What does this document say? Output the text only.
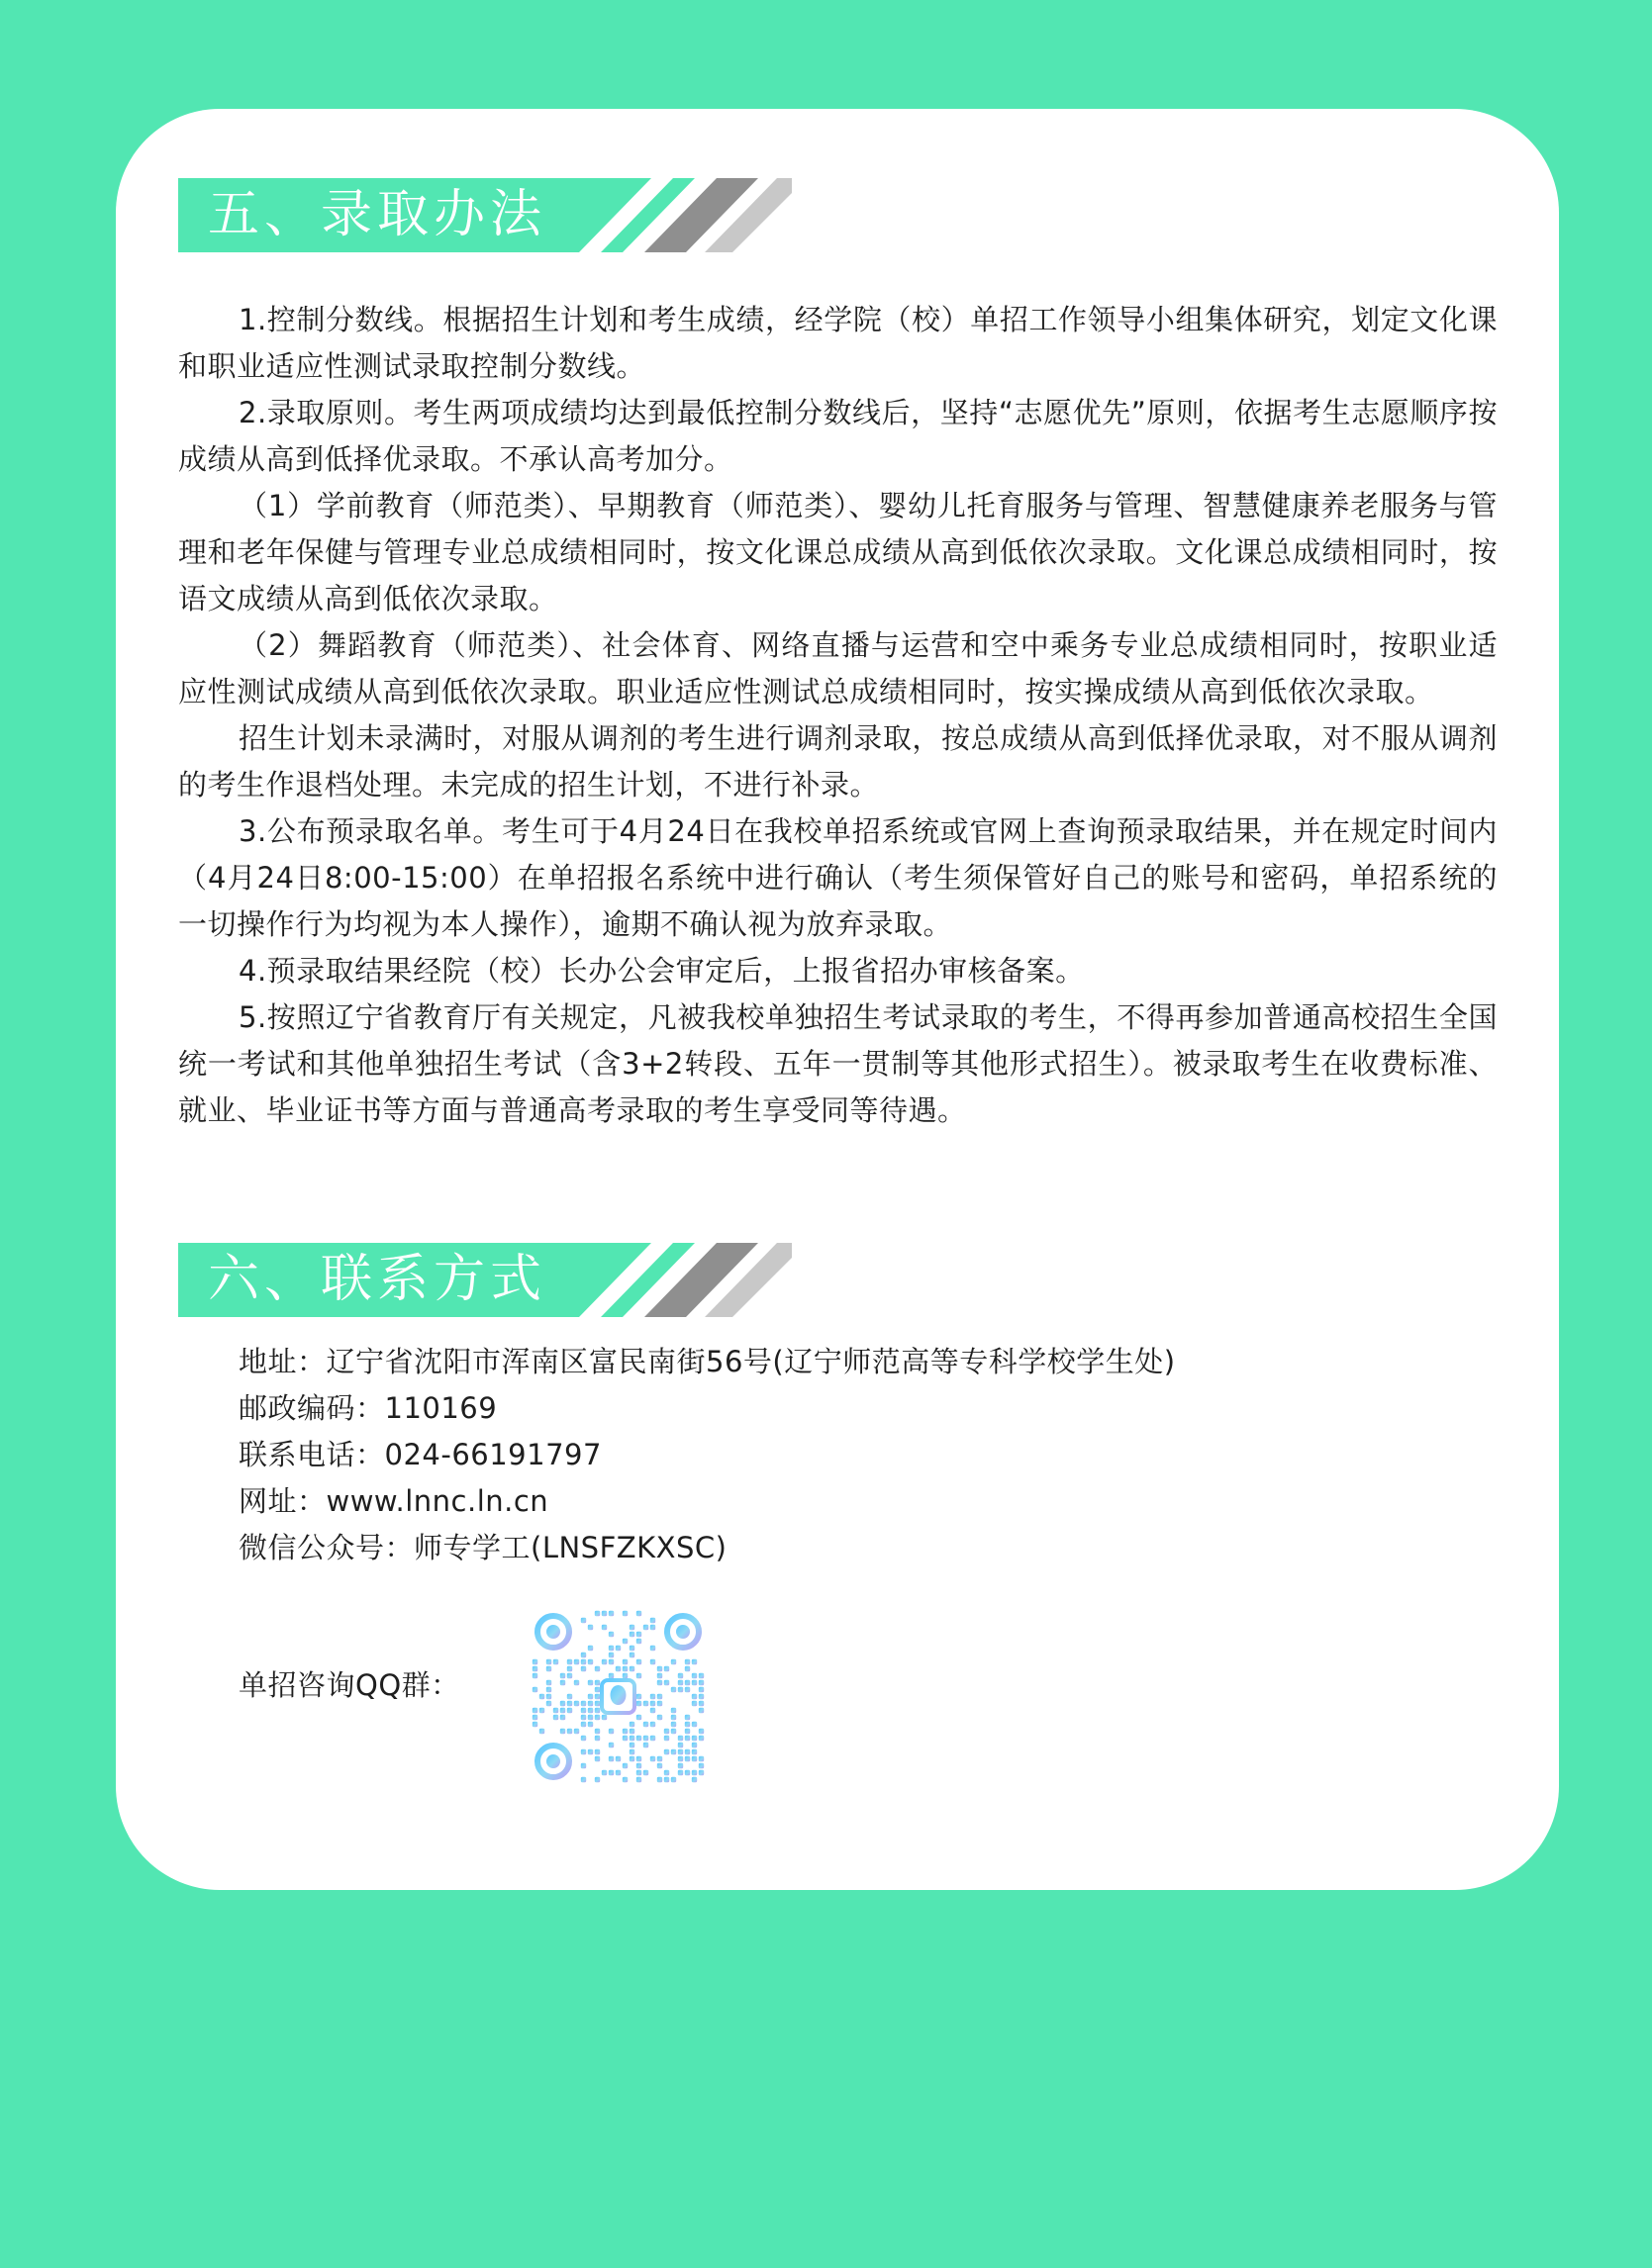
五、录取办法

1.控制分数线。根据招生计划和考生成绩，经学院（校）单招工作领导小组集体研究，划定文化课和职业适应性测试录取控制分数线。

2.录取原则。考生两项成绩均达到最低控制分数线后，坚持“志愿优先”原则，依据考生志愿顺序按成绩从高到低择优录取。不承认高考加分。

（1）学前教育（师范类）、早期教育（师范类）、婴幼儿托育服务与管理、智慧健康养老服务与管理和老年保健与管理专业总成绩相同时，按文化课总成绩从高到低依次录取。文化课总成绩相同时，按语文成绩从高到低依次录取。

（2）舞蹈教育（师范类）、社会体育、网络直播与运营和空中乘务专业总成绩相同时，按职业适应性测试成绩从高到低依次录取。职业适应性测试总成绩相同时，按实操成绩从高到低依次录取。

招生计划未录满时，对服从调剂的考生进行调剂录取，按总成绩从高到低择优录取，对不服从调剂的考生作退档处理。未完成的招生计划，不进行补录。

3.公布预录取名单。考生可于4月24日在我校单招系统或官网上查询预录取结果，并在规定时间内（4月24日8:00-15:00）在单招报名系统中进行确认（考生须保管好自己的账号和密码，单招系统的一切操作行为均视为本人操作），逾期不确认视为放弃录取。

4.预录取结果经院（校）长办公会审定后，上报省招办审核备案。

5.按照辽宁省教育厅有关规定，凡被我校单独招生考试录取的考生，不得再参加普通高校招生全国统一考试和其他单独招生考试（含3+2转段、五年一贯制等其他形式招生）。被录取考生在收费标准、就业、毕业证书等方面与普通高考录取的考生享受同等待遇。

六、联系方式
地址：辽宁省沈阳市浑南区富民南街56号(辽宁师范高等专科学校学生处)
邮政编码：110169
联系电话：024-66191797
网址：www.lnnc.ln.cn
微信公众号：师专学工(LNSFZKXSC)
单招咨询QQ群：
